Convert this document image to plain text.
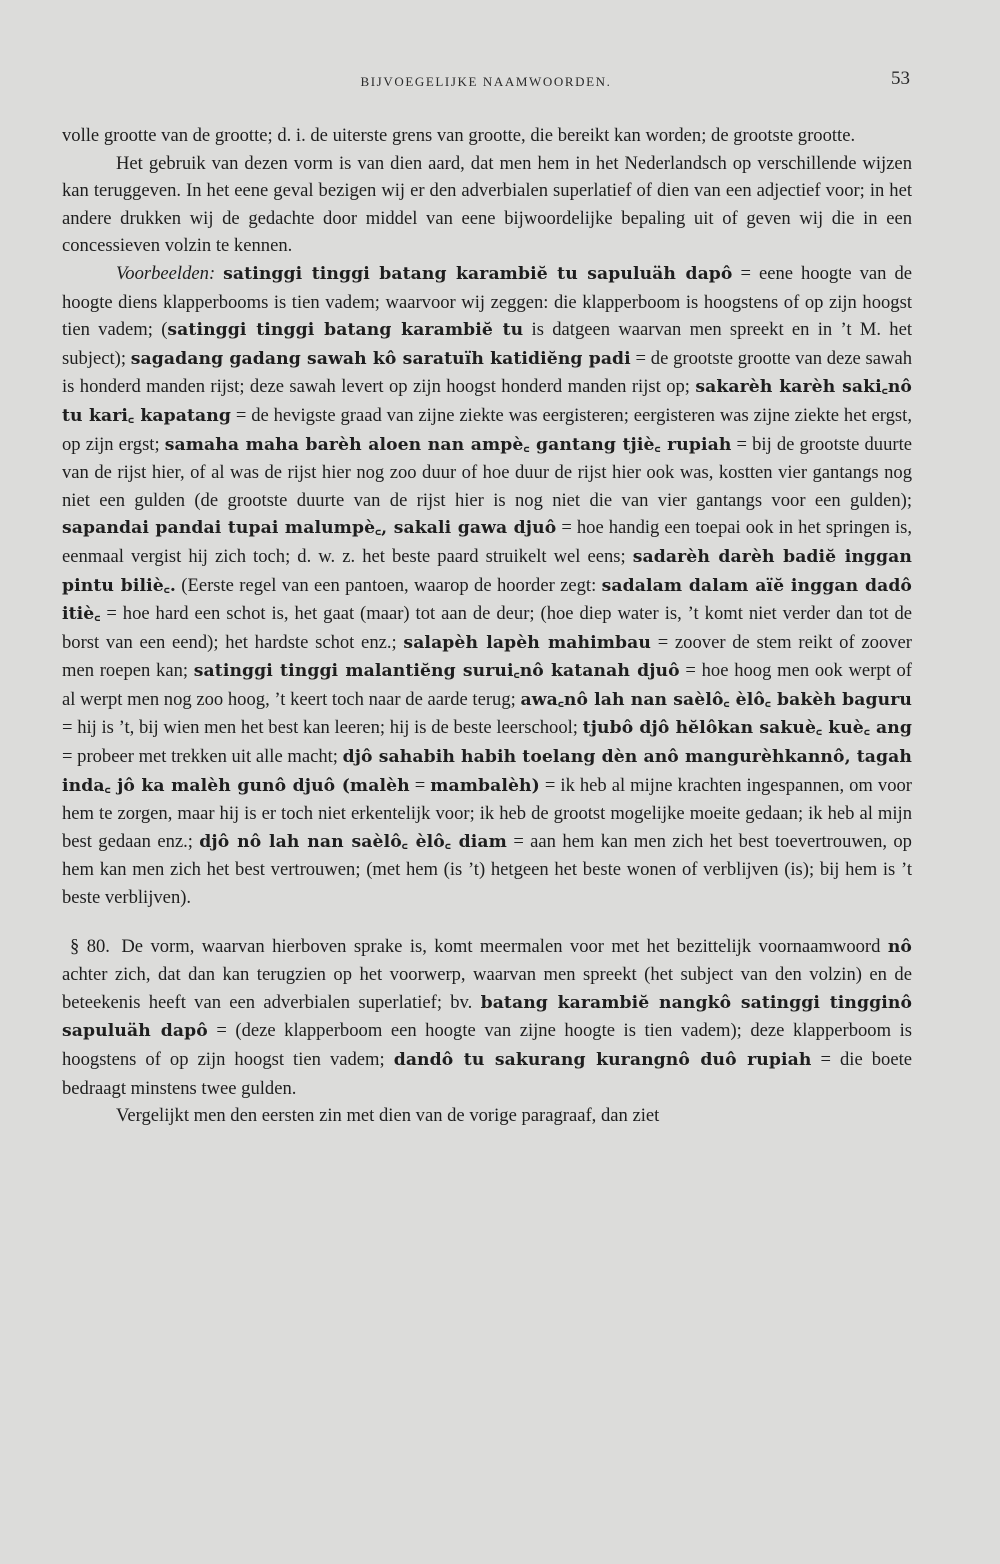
BIJVOEGELIJKE NAAMWOORDEN.	53

volle grootte van de grootte; d. i. de uiterste grens van grootte, die bereikt kan worden; de grootste grootte.

Het gebruik van dezen vorm is van dien aard, dat men hem in het Nederlandsch op verschillende wijzen kan teruggeven. In het eene geval bezigen wij er den adverbialen superlatief of dien van een adjectief voor; in het andere drukken wij de gedachte door middel van eene bijwoordelijke bepaling uit of geven wij die in een concessieven volzin te kennen.

Voorbeelden: satinggi tinggi batang karambiĕ tu sapuluäh dapô = eene hoogte van de hoogte diens klapperbooms is tien vadem; waarvoor wij zeggen: die klapperboom is hoogstens of op zijn hoogst tien vadem; (satinggi tinggi batang karambiĕ tu is datgeen waarvan men spreekt en in ’t M. het subject); sagadang gadang sawah kô saratuïh katidiĕng padi = de grootste grootte van deze sawah is honderd manden rijst; deze sawah levert op zijn hoogst honderd manden rijst op; sakarèh karèh saki꜀nô tu kari꜀ kapatang = de hevigste graad van zijne ziekte was eergisteren; eergisteren was zijne ziekte het ergst, op zijn ergst; samaha maha barèh aloen nan ampè꜀ gantang tjiè꜀ rupiah = bij de grootste duurte van de rijst hier, of al was de rijst hier nog zoo duur of hoe duur de rijst hier ook was, kostten vier gantangs nog niet een gulden (de grootste duurte van de rijst hier is nog niet die van vier gantangs voor een gulden); sapandai pandai tupai malumpè꜀, sakali gawa djuô = hoe handig een toepai ook in het springen is, eenmaal vergist hij zich toch; d. w. z. het beste paard struikelt wel eens; sadarèh darèh badiĕ inggan pintu biliè꜀. (Eerste regel van een pantoen, waarop de hoorder zegt: sadalam dalam aïĕ inggan dadô itiè꜀ = hoe hard een schot is, het gaat (maar) tot aan de deur; (hoe diep water is, ’t komt niet verder dan tot de borst van een eend); het hardste schot enz.; salapèh lapèh mahimbau = zoover de stem reikt of zoover men roepen kan; satinggi tinggi malantiĕng surui꜀nô katanah djuô = hoe hoog men ook werpt of al werpt men nog zoo hoog, ’t keert toch naar de aarde terug; awa꜀nô lah nan saèlô꜀ èlô꜀ bakèh baguru = hij is ’t, bij wien men het best kan leeren; hij is de beste leerschool; tjubô djô hĕlôkan sakuè꜀ kuè꜀ ang = probeer met trekken uit alle macht; djô sahabih habih toelang dèn anô mangurèhkannô, tagah inda꜀ jô ka malèh gunô djuô (malèh = mambalèh) = ik heb al mijne krachten ingespannen, om voor hem te zorgen, maar hij is er toch niet erkentelijk voor; ik heb de grootst mogelijke moeite gedaan; ik heb al mijn best gedaan enz.; djô nô lah nan saèlô꜀ èlô꜀ diam = aan hem kan men zich het best toevertrouwen, op hem kan men zich het best vertrouwen; (met hem (is ’t) hetgeen het beste wonen of verblijven (is); bij hem is ’t beste verblijven).

§ 80. De vorm, waarvan hierboven sprake is, komt meermalen voor met het bezittelijk voornaamwoord nô achter zich, dat dan kan terugzien op het voorwerp, waarvan men spreekt (het subject van den volzin) en de beteekenis heeft van een adverbialen superlatief; bv. batang karambiĕ nangkô satinggi tingginô sapuluäh dapô = (deze klapperboom een hoogte van zijne hoogte is tien vadem); deze klapperboom is hoogstens of op zijn hoogst tien vadem; dandô tu sakurang kurangnô duô rupiah = die boete bedraagt minstens twee gulden.

Vergelijkt men den eersten zin met dien van de vorige paragraaf, dan ziet
